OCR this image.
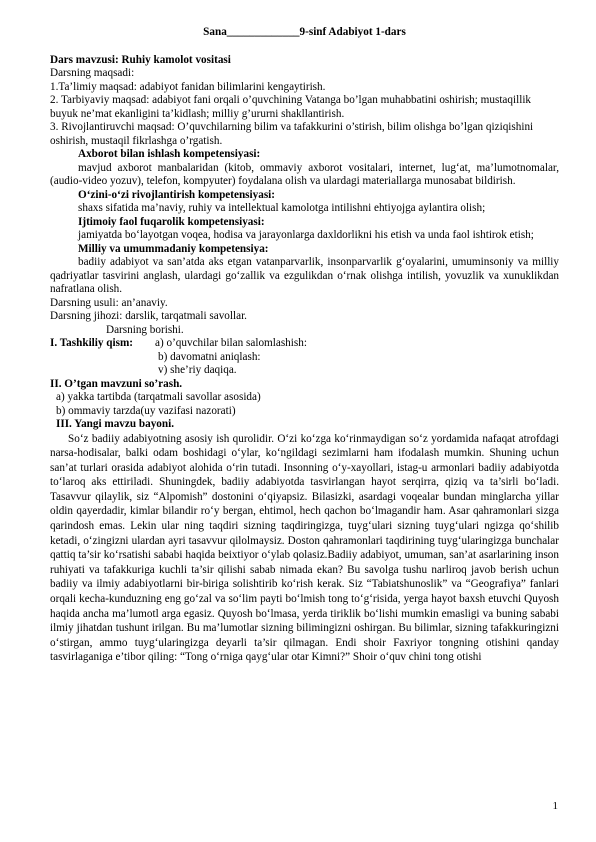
Sana_____________9-sinf Adabiyot 1-dars

Dars mavzusi: Ruhiy kamolot vositasi

Darsning maqsadi:

1.Ta’limiy maqsad: adabiyot fanidan bilimlarini kengaytirish.

2. Tarbiyaviy maqsad: adabiyot fani orqali o’quvchining Vatanga bo’lgan muhabbatini oshirish; mustaqillik buyuk ne’mat ekanligini ta’kidlash; milliy g’ururni shakllantirish.

3. Rivojlantiruvchi maqsad: O’quvchilarning bilim va tafakkurini o’stirish, bilim olishga bo’lgan qiziqishini oshirish, mustaqil fikrlashga o’rgatish.

Axborot bilan ishlash kompetensiyasi:

mavjud axborot manbalaridan (kitob, ommaviy axborot vositalari, internet, lug‘at, ma’lumotnomalar, (audio-video yozuv), telefon, kompyuter) foydalana olish va ulardagi materiallarga munosabat bildirish.

O‘zini-o‘zi rivojlantirish kompetensiyasi:

shaxs sifatida ma’naviy, ruhiy va intellektual kamolotga intilishni ehtiyojga aylantira olish;

Ijtimoiy faol fuqarolik kompetensiyasi:

jamiyatda bo‘layotgan voqea, hodisa va jarayonlarga daxldorlikni his etish va unda faol ishtirok etish;

Milliy va umummadaniy kompetensiya:

badiiy adabiyot va san’atda aks etgan vatanparvarlik, insonparvarlik g‘oyalarini, umuminsoniy va milliy qadriyatlar tasvirini anglash, ulardagi go‘zallik va ezgulikdan o‘rnak olishga intilish, yovuzlik va xunuklikdan nafratlana olish.

Darsning usuli: an’anaviy.

Darsning jihozi: darslik, tarqatmali savollar.

Darsning borishi.

I. Tashkiliy qism:	a) o’quvchilar bilan salomlashish:

b) davomatni aniqlash:

v) she’riy daqiqa.

II. O’tgan mavzuni so’rash.

a) yakka tartibda (tarqatmali savollar asosida)

b) ommaviy tarzda(uy vazifasi nazorati)

III. Yangi mavzu bayoni.

So‘z badiiy adabiyotning asosiy ish qurolidir. O‘zi ko‘zga ko‘rinmaydigan so‘z yordamida nafaqat atrofdagi narsa-hodisalar, balki odam boshidagi o‘ylar, ko‘ngildagi sezimlarni ham ifodalash mumkin. Shuning uchun san’at turlari orasida adabiyot alohida o‘rin tutadi. Insonning o‘y-xayollari, istag-u armonlari badiiy adabiyotda to‘laroq aks ettiriladi. Shuningdek, badiiy adabiyotda tasvirlangan hayot serqirra, qiziq va ta’sirli bo‘ladi. Tasavvur qilaylik, siz “Alpomish” dostonini o‘qiyapsiz. Bilasizki, asardagi voqealar bundan minglarcha yillar oldin qayerdadir, kimlar bilandir ro‘y bergan, ehtimol, hech qachon bo‘lmagandir ham. Asar qahramonlari sizga qarindosh emas. Lekin ular ning taqdiri sizning taqdiringizga, tuyg‘ulari sizning tuyg‘ulari ngizga qo‘shilib ketadi, o‘zingizni ulardan ayri tasavvur qilolmaysiz. Doston qahramonlari taqdirining tuyg‘ularingizga bunchalar qattiq ta’sir ko‘rsatishi sababi haqida beixtiyor o‘ylab qolasiz.Badiiy adabiyot, umuman, san’at asarlarining inson ruhiyati va tafakkuriga kuchli ta’sir qilishi sabab nimada ekan? Bu savolga tushu narliroq javob berish uchun badiiy va ilmiy adabiyotlarni bir-biriga solishtirib ko‘rish kerak. Siz “Tabiatshunoslik” va “Geografiya” fanlari orqali kecha-kunduzning eng go‘zal va so‘lim payti bo‘lmish tong to‘g‘risida, yerga hayot baxsh etuvchi Quyosh haqida ancha ma’lumotl arga egasiz. Quyosh bo‘lmasa, yerda tiriklik bo‘lishi mumkin emasligi va buning sababi ilmiy jihatdan tushunt irilgan. Bu ma’lumotlar sizning bilimingizni oshirgan. Bu bilimlar, sizning tafakkuringizni o‘stirgan, ammo tuyg‘ularingizga deyarli ta’sir qilmagan. Endi shoir Faxriyor tongning otishini qanday tasvirlaganiga e’tibor qiling: “Tong o‘rniga qayg‘ular otar Kimni?” Shoir o‘quv chini tong otishi

1
